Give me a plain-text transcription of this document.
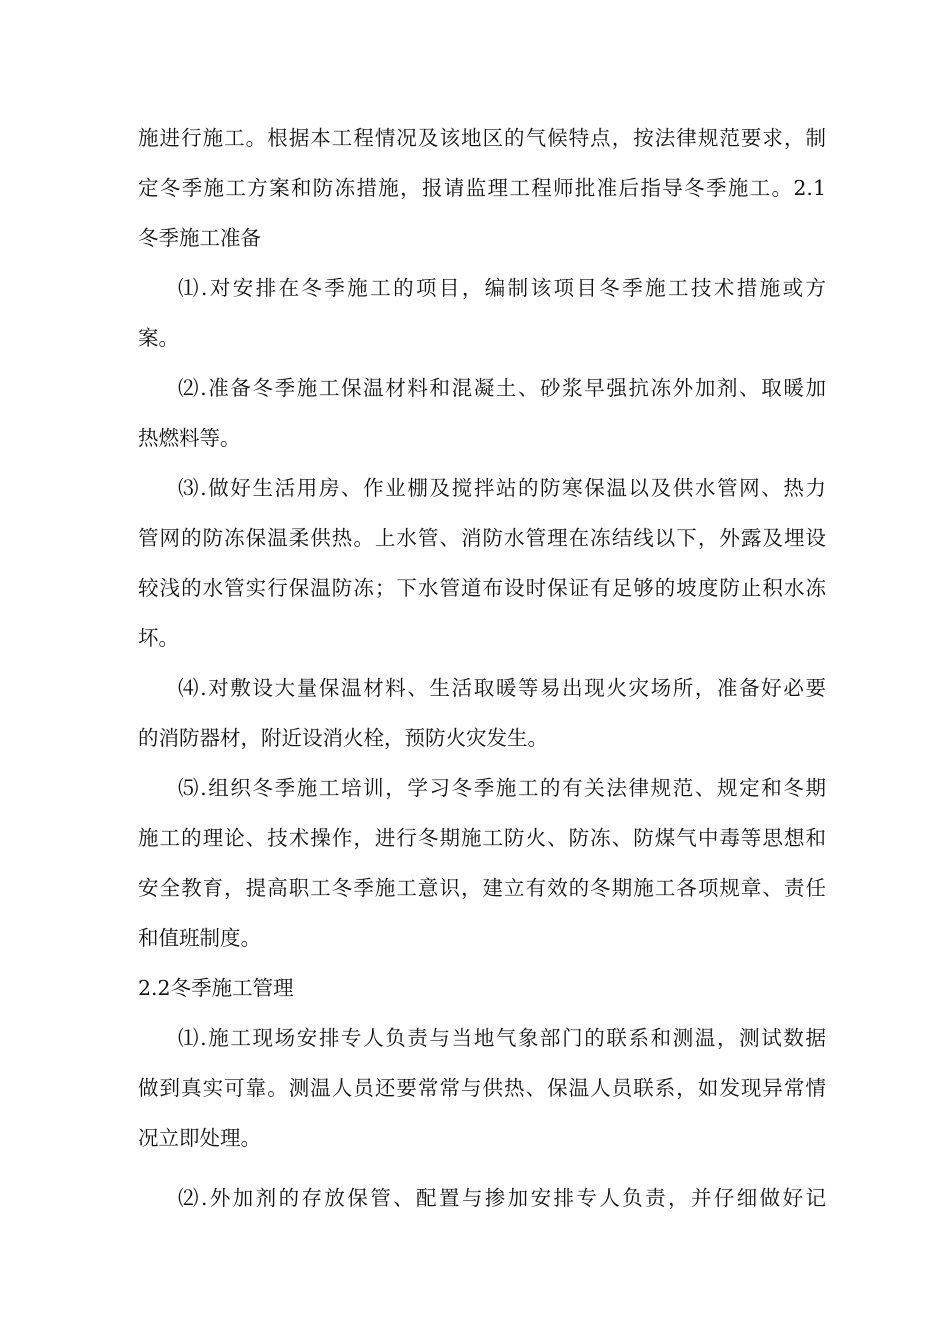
施进行施工。根据本工程情况及该地区的气候特点，按法律规范要求，制
定冬季施工方案和防冻措施，报请监理工程师批准后指导冬季施工。2.1
冬季施工准备
⑴.对安排在冬季施工的项目，编制该项目冬季施工技术措施或方
案。
⑵.准备冬季施工保温材料和混凝土、砂浆早强抗冻外加剂、取暖加
热燃料等。
⑶.做好生活用房、作业棚及搅拌站的防寒保温以及供水管网、热力
管网的防冻保温柔供热。上水管、消防水管理在冻结线以下，外露及埋设
较浅的水管实行保温防冻；下水管道布设时保证有足够的坡度防止积水冻
坏。
⑷.对敷设大量保温材料、生活取暖等易出现火灾场所，准备好必要
的消防器材，附近设消火栓，预防火灾发生。
⑸.组织冬季施工培训，学习冬季施工的有关法律规范、规定和冬期
施工的理论、技术操作，进行冬期施工防火、防冻、防煤气中毒等思想和
安全教育，提高职工冬季施工意识，建立有效的冬期施工各项规章、责任
和值班制度。
2.2冬季施工管理
⑴.施工现场安排专人负责与当地气象部门的联系和测温，测试数据
做到真实可靠。测温人员还要常常与供热、保温人员联系，如发现异常情
况立即处理。
⑵.外加剂的存放保管、配置与掺加安排专人负责，并仔细做好记
